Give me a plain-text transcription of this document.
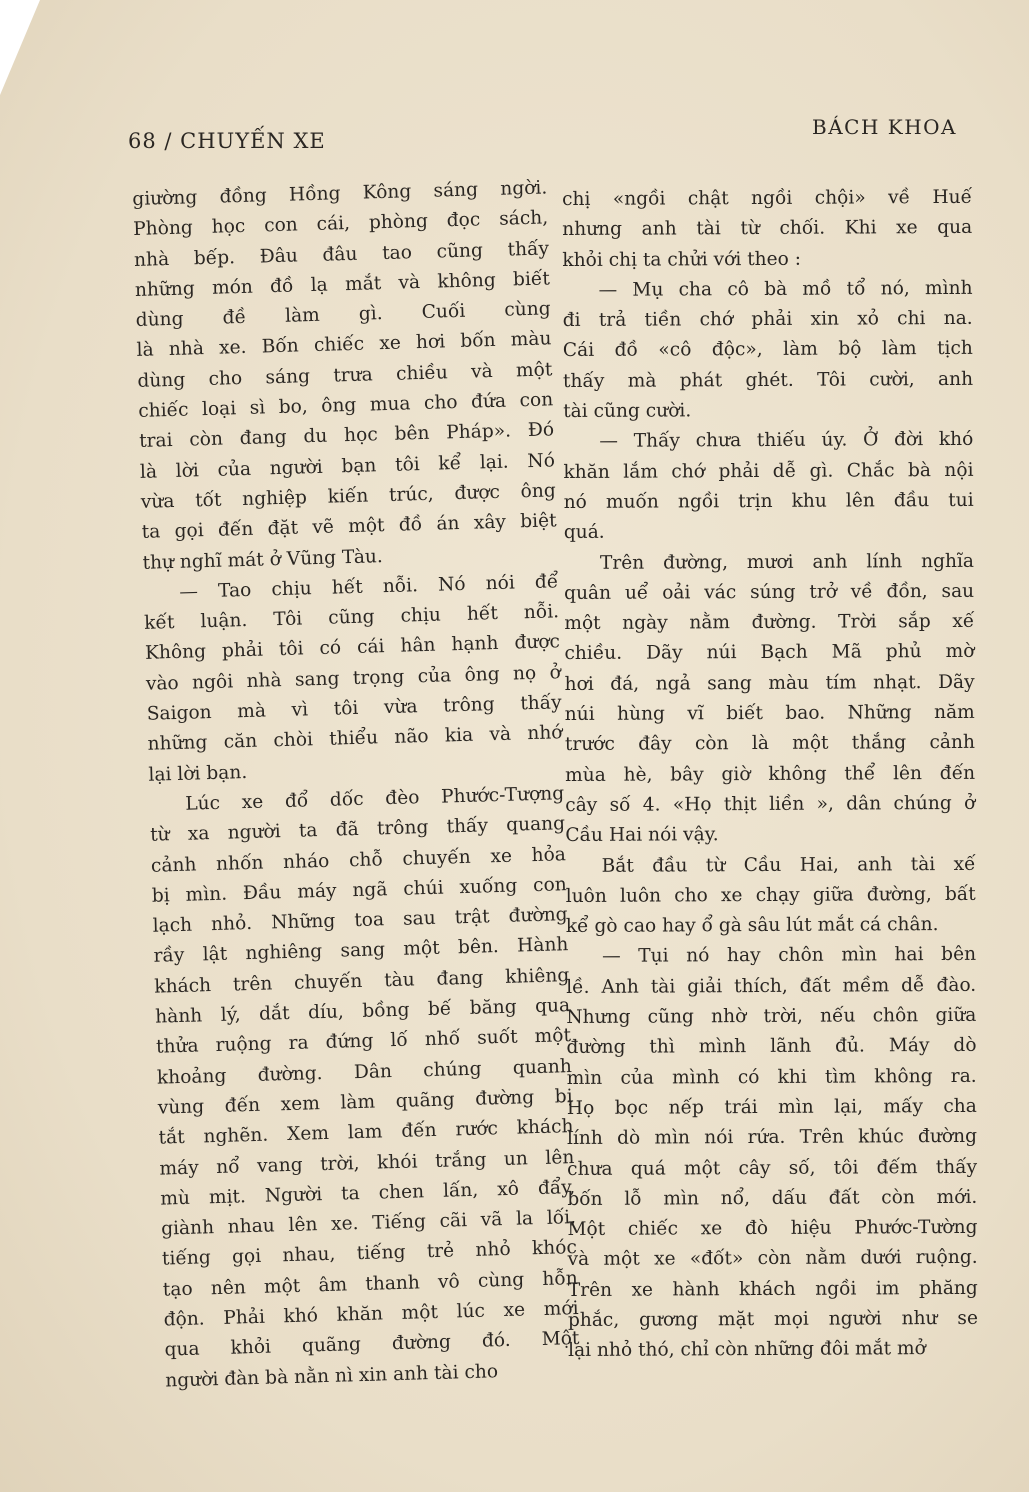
68 / CHUYẾN XE
BÁCH KHOA
giường đồng Hồng Kông sáng ngời.
Phòng học con cái, phòng đọc sách,
nhà bếp. Đâu đâu tao cũng thấy
những món đồ lạ mắt và không biết
dùng đề làm gì. Cuối cùng
là nhà xe. Bốn chiếc xe hơi bốn màu
dùng cho sáng trưa chiều và một
chiếc loại sì bo, ông mua cho đứa con
trai còn đang du học bên Pháp». Đó
là lời của người bạn tôi kể lại. Nó
vừa tốt nghiệp kiến trúc, được ông
ta gọi đến đặt vẽ một đồ án xây biệt
thự nghĩ mát ở Vũng Tàu.
— Tao chịu hết nỗi. Nó nói để
kết luận. Tôi cũng chịu hết nỗi.
Không phải tôi có cái hân hạnh được
vào ngôi nhà sang trọng của ông nọ ở
Saigon mà vì tôi vừa trông thấy
những căn chòi thiểu não kia và nhớ
lại lời bạn.
Lúc xe đổ dốc đèo Phước-Tượng
từ xa người ta đã trông thấy quang
cảnh nhốn nháo chỗ chuyến xe hỏa
bị mìn. Đầu máy ngã chúi xuống con
lạch nhỏ. Những toa sau trật đường
rầy lật nghiêng sang một bên. Hành
khách trên chuyến tàu đang khiêng
hành lý, dắt díu, bồng bế băng qua
thửa ruộng ra đứng lố nhố suốt một
khoảng đường. Dân chúng quanh
vùng đến xem làm quãng đường bị
tắt nghẽn. Xem lam đến rước khách
máy nổ vang trời, khói trắng un lên
mù mịt. Người ta chen lấn, xô đẩy,
giành nhau lên xe. Tiếng cãi vã la lối,
tiếng gọi nhau, tiếng trẻ nhỏ khóc
tạo nên một âm thanh vô cùng hỗn
độn. Phải khó khăn một lúc xe mới
qua khỏi quãng đường đó. Một
người đàn bà nằn nì xin anh tài cho
chị «ngồi chật ngồi chội» về Huế
nhưng anh tài từ chối. Khi xe qua
khỏi chị ta chửi với theo :
— Mụ cha cô bà mồ tổ nó, mình
đi trả tiền chớ phải xin xỏ chi na.
Cái đồ «cô độc», làm bộ làm tịch
thấy mà phát ghét. Tôi cười, anh
tài cũng cười.
— Thấy chưa thiếu úy. Ở đời khó
khăn lắm chớ phải dễ gì. Chắc bà nội
nó muốn ngồi trịn khu lên đầu tui
quá.
Trên đường, mươi anh lính nghĩa
quân uể oải vác súng trở về đồn, sau
một ngày nằm đường. Trời sắp xế
chiều. Dãy núi Bạch Mã phủ mờ
hơi đá, ngả sang màu tím nhạt. Dãy
núi hùng vĩ biết bao. Những năm
trước đây còn là một thắng cảnh
mùa hè, bây giờ không thể lên đến
cây số 4. «Họ thịt liền », dân chúng ở
Cầu Hai nói vậy.
Bắt đầu từ Cầu Hai, anh tài xế
luôn luôn cho xe chạy giữa đường, bất
kể gò cao hay ổ gà sâu lút mắt cá chân.
— Tụi nó hay chôn mìn hai bên
lề. Anh tài giải thích, đất mềm dễ đào.
Nhưng cũng nhờ trời, nếu chôn giữa
đường thì mình lãnh đủ. Máy dò
mìn của mình có khi tìm không ra.
Họ bọc nếp trái mìn lại, mấy cha
lính dò mìn nói rứa. Trên khúc đường
chưa quá một cây số, tôi đếm thấy
bốn lỗ mìn nổ, dấu đất còn mới.
Một chiếc xe đò hiệu Phước-Tường
và một xe «đốt» còn nằm dưới ruộng.
Trên xe hành khách ngồi im phăng
phắc, gương mặt mọi người như se
lại nhỏ thó, chỉ còn những đôi mắt mở
